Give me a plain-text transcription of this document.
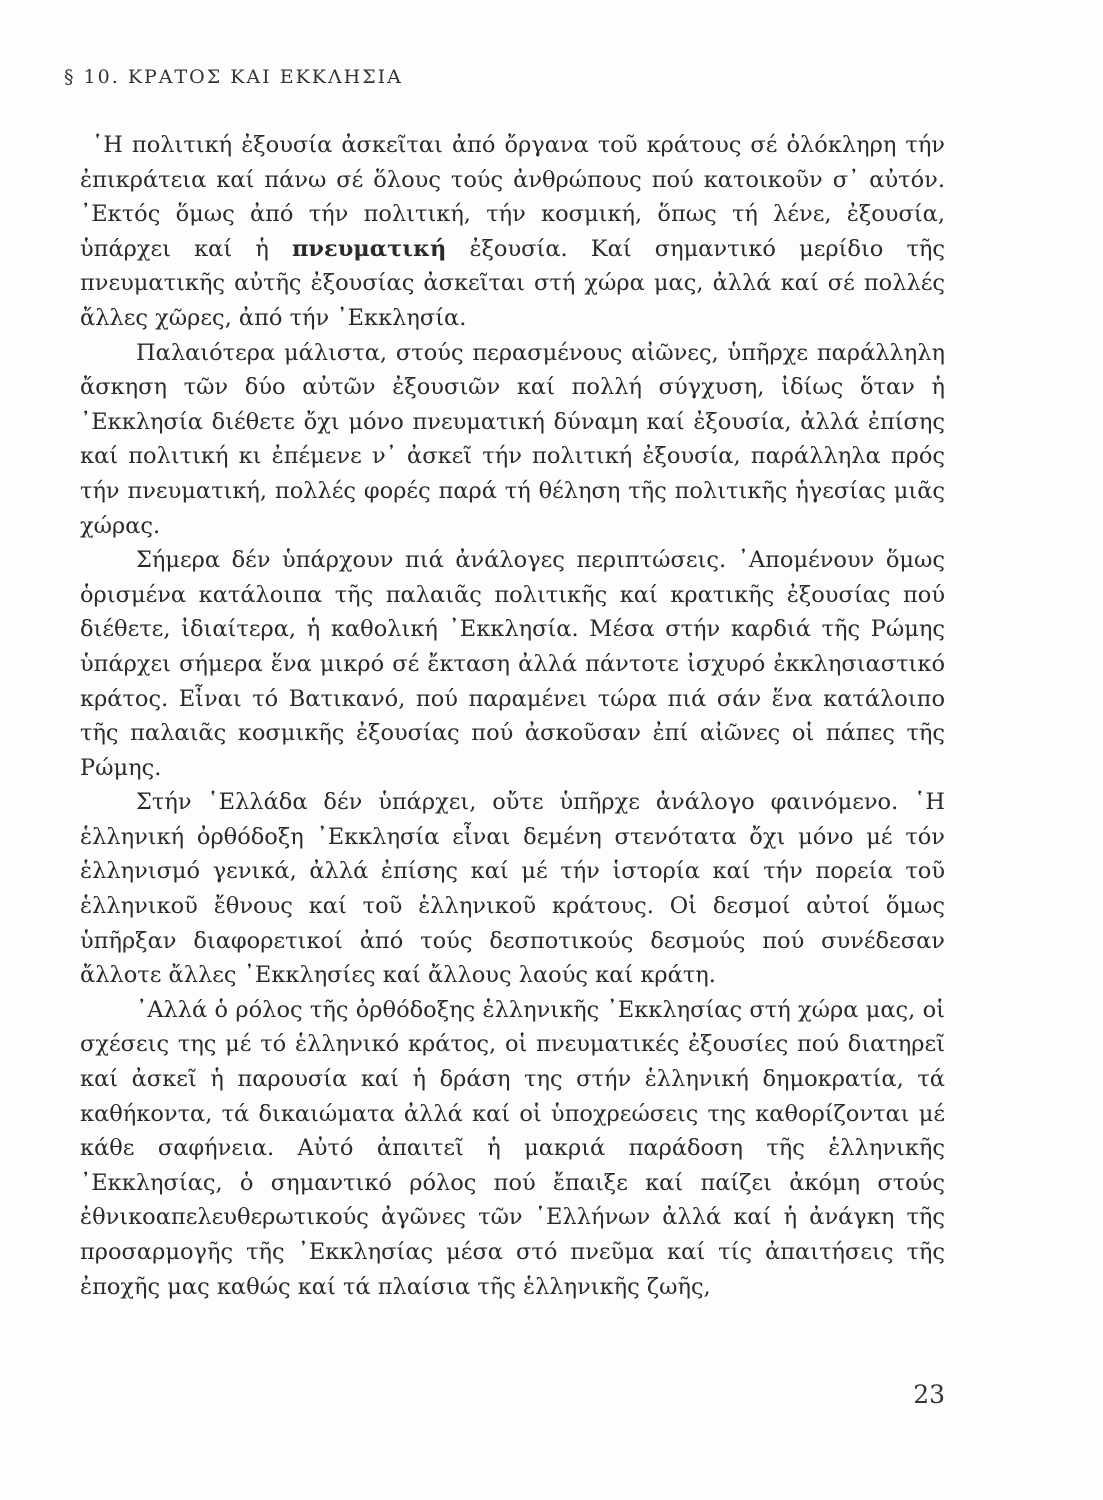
§ 10. ΚΡΑΤΟΣ ΚΑΙ ΕΚΚΛΗΣΙΑ

῾Η πολιτική ἐξουσία ἀσκεῖται ἀπό ὄργανα τοῦ κράτους σέ ὁλόκληρη τήν ἐπικράτεια καί πάνω σέ ὅλους τούς ἀνθρώπους πού κατοικοῦν σ᾽ αὐτόν. ᾽Εκτός ὅμως ἀπό τήν πολιτική, τήν κοσμική, ὅπως τή λένε, ἐξουσία, ὑπάρχει καί ἡ πνευματική ἐξουσία. Καί σημαντικό μερίδιο τῆς πνευματικῆς αὐτῆς ἐξουσίας ἀσκεῖται στή χώρα μας, ἀλλά καί σέ πολλές ἄλλες χῶρες, ἀπό τήν ᾽Εκκλησία.

Παλαιότερα μάλιστα, στούς περασμένους αἰῶνες, ὑπῆρχε παράλληλη ἄσκηση τῶν δύο αὐτῶν ἐξουσιῶν καί πολλή σύγχυση, ἰδίως ὅταν ἡ ᾽Εκκλησία διέθετε ὄχι μόνο πνευματική δύναμη καί ἐξουσία, ἀλλά ἐπίσης καί πολιτική κι ἐπέμενε ν᾽ ἀσκεῖ τήν πολιτική ἐξουσία, παράλληλα πρός τήν πνευματική, πολλές φορές παρά τή θέληση τῆς πολιτικῆς ἡγεσίας μιᾶς χώρας.

Σήμερα δέν ὑπάρχουν πιά ἀνάλογες περιπτώσεις. ᾽Απομένουν ὅμως ὁρισμένα κατάλοιπα τῆς παλαιᾶς πολιτικῆς καί κρατικῆς ἐξουσίας πού διέθετε, ἰδιαίτερα, ἡ καθολική ᾽Εκκλησία. Μέσα στήν καρδιά τῆς Ρώμης ὑπάρχει σήμερα ἕνα μικρό σέ ἔκταση ἀλλά πάντοτε ἰσχυρό ἐκκλησιαστικό κράτος. Εἶναι τό Βατικανό, πού παραμένει τώρα πιά σάν ἕνα κατάλοιπο τῆς παλαιᾶς κοσμικῆς ἐξουσίας πού ἀσκοῦσαν ἐπί αἰῶνες οἱ πάπες τῆς Ρώμης.

Στήν ῾Ελλάδα δέν ὑπάρχει, οὔτε ὑπῆρχε ἀνάλογο φαινόμενο. ῾Η ἑλληνική ὀρθόδοξη ᾽Εκκλησία εἶναι δεμένη στενότατα ὄχι μόνο μέ τόν ἑλληνισμό γενικά, ἀλλά ἐπίσης καί μέ τήν ἱστορία καί τήν πορεία τοῦ ἑλληνικοῦ ἔθνους καί τοῦ ἑλληνικοῦ κράτους. Οἱ δεσμοί αὐτοί ὅμως ὑπῆρξαν διαφορετικοί ἀπό τούς δεσποτικούς δεσμούς πού συνέδεσαν ἄλλοτε ἄλλες ᾽Εκκλησίες καί ἄλλους λαούς καί κράτη.

᾽Αλλά ὁ ρόλος τῆς ὀρθόδοξης ἑλληνικῆς ᾽Εκκλησίας στή χώρα μας, οἱ σχέσεις της μέ τό ἑλληνικό κράτος, οἱ πνευματικές ἐξουσίες πού διατηρεῖ καί ἀσκεῖ ἡ παρουσία καί ἡ δράση της στήν ἑλληνική δημοκρατία, τά καθήκοντα, τά δικαιώματα ἀλλά καί οἱ ὑποχρεώσεις της καθορίζονται μέ κάθε σαφήνεια. Αὐτό ἀπαιτεῖ ἡ μακριά παράδοση τῆς ἑλληνικῆς ᾽Εκκλησίας, ὁ σημαντικό ρόλος πού ἔπαιξε καί παίζει ἀκόμη στούς ἐθνικοαπελευθερωτικούς ἀγῶνες τῶν ῾Ελλήνων ἀλλά καί ἡ ἀνάγκη τῆς προσαρμογῆς τῆς ᾽Εκκλησίας μέσα στό πνεῦμα καί τίς ἀπαιτήσεις τῆς ἐποχῆς μας καθώς καί τά πλαίσια τῆς ἑλληνικῆς ζωῆς,

23
